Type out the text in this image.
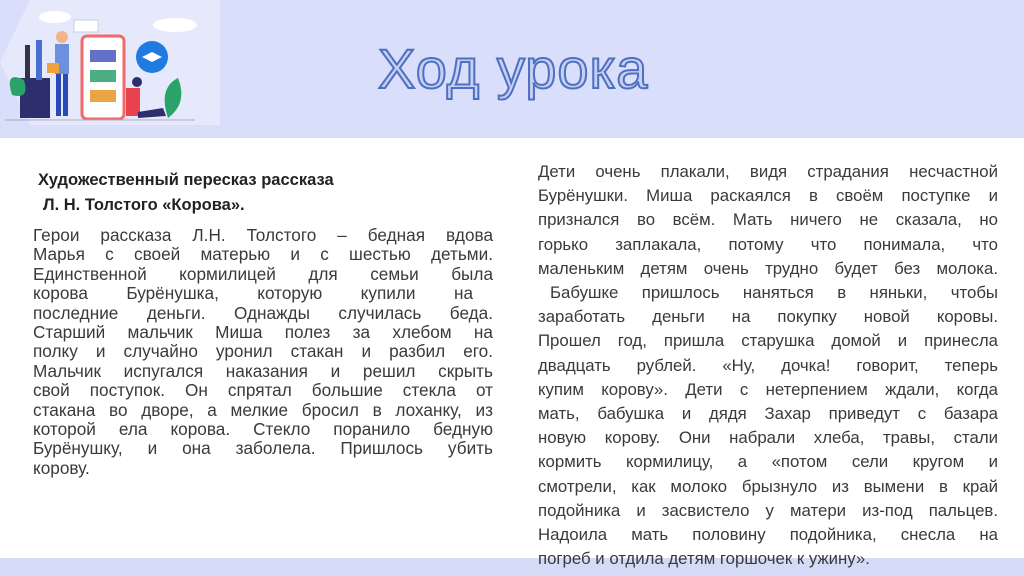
Ход урока
Художественный пересказ рассказа
Л. Н. Толстого «Корова».
Герои рассказа Л.Н. Толстого – бедная вдова
Марья с своей матерью и с шестью детьми.
Единственной кормилицей для семьи была
корова Бурёнушка, которую купили на
последние деньги. Однажды случилась беда.
Старший мальчик Миша полез за хлебом на
полку и случайно уронил стакан и разбил его.
Мальчик испугался наказания и решил скрыть
свой поступок. Он спрятал большие стекла от
стакана во дворе, а мелкие бросил в лоханку, из
которой ела корова. Стекло поранило бедную
Бурёнушку, и она заболела. Пришлось убить
корову.
Дети очень плакали, видя страдания несчастной
Бурёнушки. Миша раскаялся в своём поступке и
признался во всём. Мать ничего не сказала, но
горько заплакала, потому что понимала, что
маленьким детям очень трудно будет без молока.
Бабушке пришлось наняться в няньки, чтобы
заработать деньги на покупку новой коровы.
Прошел год, пришла старушка домой и принесла
двадцать рублей. «Ну, дочка! говорит, теперь
купим корову». Дети с нетерпением ждали, когда
мать, бабушка и дядя Захар приведут с базара
новую корову. Они набрали хлеба, травы, стали
кормить кормилицу, а «потом сели кругом и
смотрели, как молоко брызнуло из вымени в край
подойника и засвистело у матери из-под пальцев.
Надоила мать половину подойника, снесла на
погреб и отдила детям горшочек к ужину».
